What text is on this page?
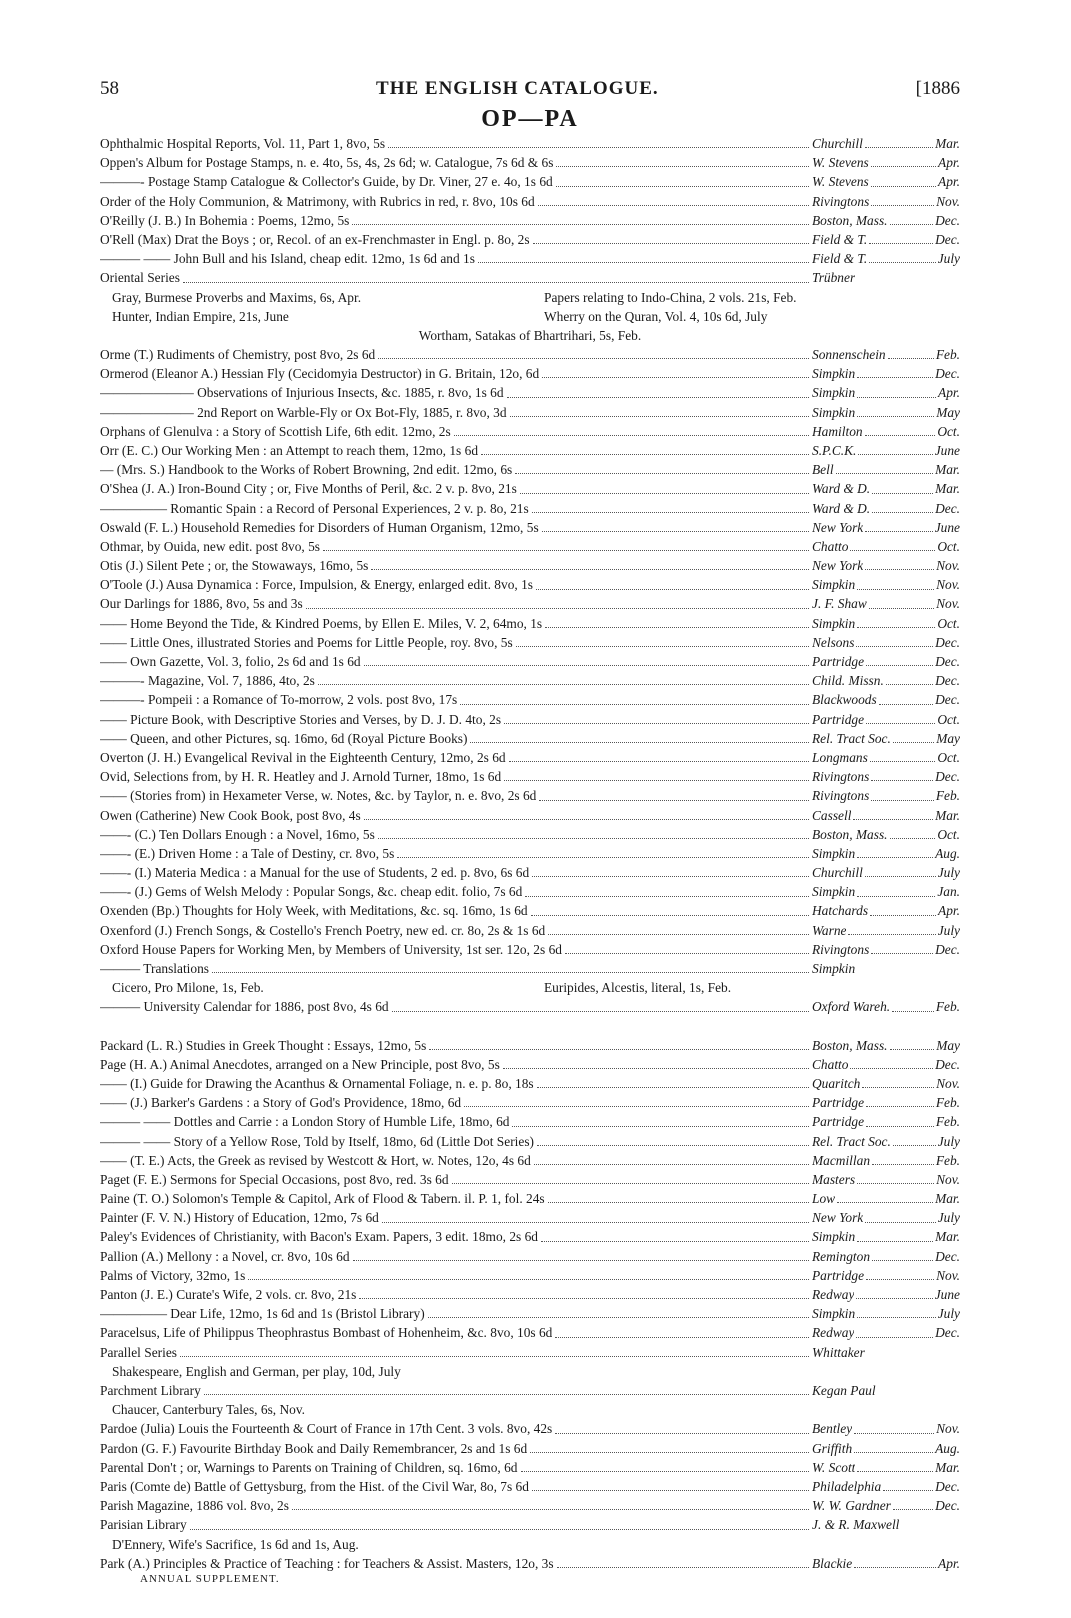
58	THE ENGLISH CATALOGUE.	[1886
OP—PA
Ophthalmic Hospital Reports, Vol. 11, Part 1, 8vo, 5s	Churchill	Mar.
Oppen's Album for Postage Stamps, n. e. 4to, 5s, 4s, 2s 6d; w. Catalogue, 7s 6d & 6s	W. Stevens	Apr.
———- Postage Stamp Catalogue & Collector's Guide, by Dr. Viner, 27 e. 4o, 1s 6d	W. Stevens	Apr.
Order of the Holy Communion, & Matrimony, with Rubrics in red, r. 8vo, 10s 6d	Rivingtons	Nov.
O'Reilly (J. B.) In Bohemia : Poems, 12mo, 5s	Boston, Mass.	Dec.
O'Rell (Max) Drat the Boys ; or, Recol. of an ex-Frenchmaster in Engl. p. 8o, 2s	Field & T.	Dec.
——— —— John Bull and his Island, cheap edit. 12mo, 1s 6d and 1s	Field & T.	July
Oriental Series	Trübner
Gray, Burmese Proverbs and Maxims, 6s, Apr.	Papers relating to Indo-China, 2 vols. 21s, Feb.
Hunter, Indian Empire, 21s, June	Wherry on the Quran, Vol. 4, 10s 6d, July
Wortham, Satakas of Bhartrihari, 5s, Feb.
Orme (T.) Rudiments of Chemistry, post 8vo, 2s 6d	Sonnenschein	Feb.
Ormerod (Eleanor A.) Hessian Fly (Cecidomyia Destructor) in G. Britain, 12o, 6d	Simpkin	Dec.
——————— Observations of Injurious Insects, &c. 1885, r. 8vo, 1s 6d	Simpkin	Apr.
——————— 2nd Report on Warble-Fly or Ox Bot-Fly, 1885, r. 8vo, 3d	Simpkin	May
Orphans of Glenulva : a Story of Scottish Life, 6th edit. 12mo, 2s	Hamilton	Oct.
Orr (E. C.) Our Working Men : an Attempt to reach them, 12mo, 1s 6d	S.P.C.K.	June
— (Mrs. S.) Handbook to the Works of Robert Browning, 2nd edit. 12mo, 6s	Bell	Mar.
O'Shea (J. A.) Iron-Bound City ; or, Five Months of Peril, &c. 2 v. p. 8vo, 21s	Ward & D.	Mar.
————— Romantic Spain : a Record of Personal Experiences, 2 v. p. 8o, 21s	Ward & D.	Dec.
Oswald (F. L.) Household Remedies for Disorders of Human Organism, 12mo, 5s	New York	June
Othmar, by Ouida, new edit. post 8vo, 5s	Chatto	Oct.
Otis (J.) Silent Pete ; or, the Stowaways, 16mo, 5s	New York	Nov.
O'Toole (J.) Ausa Dynamica : Force, Impulsion, & Energy, enlarged edit. 8vo, 1s	Simpkin	Nov.
Our Darlings for 1886, 8vo, 5s and 3s	J. F. Shaw	Nov.
—— Home Beyond the Tide, & Kindred Poems, by Ellen E. Miles, V. 2, 64mo, 1s	Simpkin	Oct.
—— Little Ones, illustrated Stories and Poems for Little People, roy. 8vo, 5s	Nelsons	Dec.
—— Own Gazette, Vol. 3, folio, 2s 6d and 1s 6d	Partridge	Dec.
———- Magazine, Vol. 7, 1886, 4to, 2s	Child. Missn.	Dec.
———- Pompeii : a Romance of To-morrow, 2 vols. post 8vo, 17s	Blackwoods	Dec.
—— Picture Book, with Descriptive Stories and Verses, by D. J. D. 4to, 2s	Partridge	Oct.
—— Queen, and other Pictures, sq. 16mo, 6d (Royal Picture Books)	Rel. Tract Soc.	May
Overton (J. H.) Evangelical Revival in the Eighteenth Century, 12mo, 2s 6d	Longmans	Oct.
Ovid, Selections from, by H. R. Heatley and J. Arnold Turner, 18mo, 1s 6d	Rivingtons	Dec.
—— (Stories from) in Hexameter Verse, w. Notes, &c. by Taylor, n. e. 8vo, 2s 6d	Rivingtons	Feb.
Owen (Catherine) New Cook Book, post 8vo, 4s	Cassell	Mar.
——- (C.) Ten Dollars Enough : a Novel, 16mo, 5s	Boston, Mass.	Oct.
——- (E.) Driven Home : a Tale of Destiny, cr. 8vo, 5s	Simpkin	Aug.
——- (I.) Materia Medica : a Manual for the use of Students, 2 ed. p. 8vo, 6s 6d	Churchill	July
——- (J.) Gems of Welsh Melody : Popular Songs, &c. cheap edit. folio, 7s 6d	Simpkin	Jan.
Oxenden (Bp.) Thoughts for Holy Week, with Meditations, &c. sq. 16mo, 1s 6d	Hatchards	Apr.
Oxenford (J.) French Songs, & Costello's French Poetry, new ed. cr. 8o, 2s & 1s 6d	Warne	July
Oxford House Papers for Working Men, by Members of University, 1st ser. 12o, 2s 6d	Rivingtons	Dec.
——— Translations	Simpkin
Cicero, Pro Milone, 1s, Feb.	Euripides, Alcestis, literal, 1s, Feb.
——— University Calendar for 1886, post 8vo, 4s 6d	Oxford Wareh.	Feb.
Packard (L. R.) Studies in Greek Thought : Essays, 12mo, 5s	Boston, Mass.	May
Page (H. A.) Animal Anecdotes, arranged on a New Principle, post 8vo, 5s	Chatto	Dec.
—— (I.) Guide for Drawing the Acanthus & Ornamental Foliage, n. e. p. 8o, 18s	Quaritch	Nov.
—— (J.) Barker's Gardens : a Story of God's Providence, 18mo, 6d	Partridge	Feb.
——— —— Dottles and Carrie : a London Story of Humble Life, 18mo, 6d	Partridge	Feb.
——— —— Story of a Yellow Rose, Told by Itself, 18mo, 6d (Little Dot Series)	Rel. Tract Soc.	July
—— (T. E.) Acts, the Greek as revised by Westcott & Hort, w. Notes, 12o, 4s 6d	Macmillan	Feb.
Paget (F. E.) Sermons for Special Occasions, post 8vo, red. 3s 6d	Masters	Nov.
Paine (T. O.) Solomon's Temple & Capitol, Ark of Flood & Tabern. il. P. 1, fol. 24s	Low	Mar.
Painter (F. V. N.) History of Education, 12mo, 7s 6d	New York	July
Paley's Evidences of Christianity, with Bacon's Exam. Papers, 3 edit. 18mo, 2s 6d	Simpkin	Mar.
Pallion (A.) Mellony : a Novel, cr. 8vo, 10s 6d	Remington	Dec.
Palms of Victory, 32mo, 1s	Partridge	Nov.
Panton (J. E.) Curate's Wife, 2 vols. cr. 8vo, 21s	Redway	June
————— Dear Life, 12mo, 1s 6d and 1s (Bristol Library)	Simpkin	July
Paracelsus, Life of Philippus Theophrastus Bombast of Hohenheim, &c. 8vo, 10s 6d	Redway	Dec.
Parallel Series	Whittaker
Shakespeare, English and German, per play, 10d, July
Parchment Library	Kegan Paul
Chaucer, Canterbury Tales, 6s, Nov.
Pardoe (Julia) Louis the Fourteenth & Court of France in 17th Cent. 3 vols. 8vo, 42s	Bentley	Nov.
Pardon (G. F.) Favourite Birthday Book and Daily Remembrancer, 2s and 1s 6d	Griffith	Aug.
Parental Don't ; or, Warnings to Parents on Training of Children, sq. 16mo, 6d	W. Scott	Mar.
Paris (Comte de) Battle of Gettysburg, from the Hist. of the Civil War, 8o, 7s 6d	Philadelphia	Dec.
Parish Magazine, 1886 vol. 8vo, 2s	W. W. Gardner	Dec.
Parisian Library	J. & R. Maxwell
D'Ennery, Wife's Sacrifice, 1s 6d and 1s, Aug.
Park (A.) Principles & Practice of Teaching : for Teachers & Assist. Masters, 12o, 3s	Blackie	Apr.
ANNUAL SUPPLEMENT.
